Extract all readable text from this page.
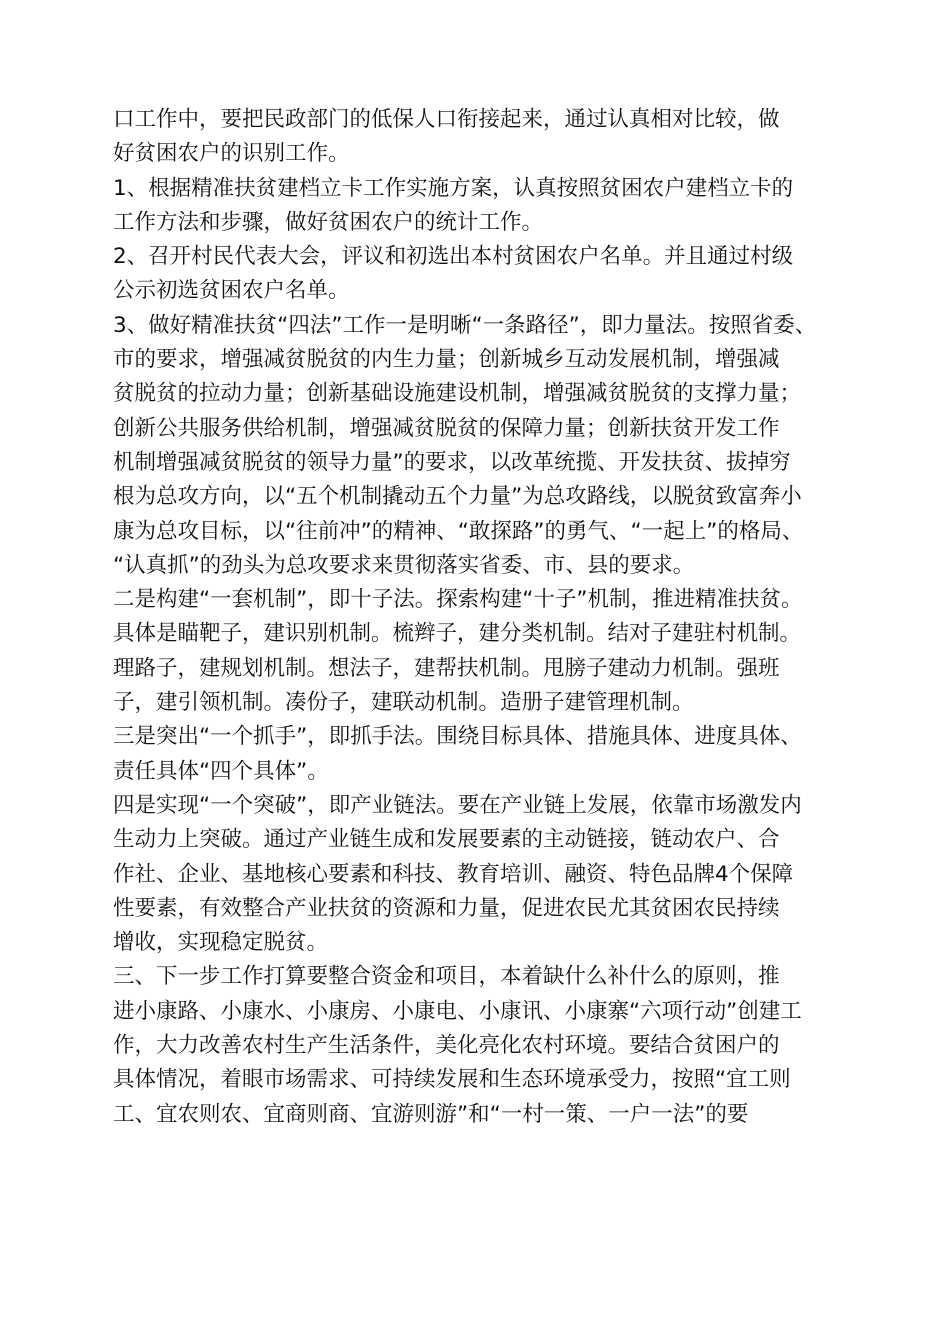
口工作中，要把民政部门的低保人口衔接起来，通过认真相对比较，做
好贫困农户的识别工作。
1、根据精准扶贫建档立卡工作实施方案，认真按照贫困农户建档立卡的
工作方法和步骤，做好贫困农户的统计工作。
2、召开村民代表大会，评议和初选出本村贫困农户名单。并且通过村级
公示初选贫困农户名单。
3、做好精准扶贫“四法”工作一是明晰“一条路径”，即力量法。按照省委、
市的要求，增强减贫脱贫的内生力量；创新城乡互动发展机制，增强减
贫脱贫的拉动力量；创新基础设施建设机制，增强减贫脱贫的支撑力量；
创新公共服务供给机制，增强减贫脱贫的保障力量；创新扶贫开发工作
机制增强减贫脱贫的领导力量”的要求，以改革统揽、开发扶贫、拔掉穷
根为总攻方向，以“五个机制撬动五个力量”为总攻路线，以脱贫致富奔小
康为总攻目标，以“往前冲”的精神、“敢探路”的勇气、“一起上”的格局、
“认真抓”的劲头为总攻要求来贯彻落实省委、市、县的要求。
二是构建“一套机制”，即十子法。探索构建“十子”机制，推进精准扶贫。
具体是瞄靶子，建识别机制。梳辫子，建分类机制。结对子建驻村机制。
理路子，建规划机制。想法子，建帮扶机制。甩膀子建动力机制。强班
子，建引领机制。凑份子，建联动机制。造册子建管理机制。
三是突出“一个抓手”，即抓手法。围绕目标具体、措施具体、进度具体、
责任具体“四个具体”。
四是实现“一个突破”，即产业链法。要在产业链上发展，依靠市场激发内
生动力上突破。通过产业链生成和发展要素的主动链接，链动农户、合
作社、企业、基地核心要素和科技、教育培训、融资、特色品牌4个保障
性要素，有效整合产业扶贫的资源和力量，促进农民尤其贫困农民持续
增收，实现稳定脱贫。
三、下一步工作打算要整合资金和项目，本着缺什么补什么的原则，推
进小康路、小康水、小康房、小康电、小康讯、小康寨“六项行动”创建工
作，大力改善农村生产生活条件，美化亮化农村环境。要结合贫困户的
具体情况，着眼市场需求、可持续发展和生态环境承受力，按照“宜工则
工、宜农则农、宜商则商、宜游则游”和“一村一策、一户一法”的要
